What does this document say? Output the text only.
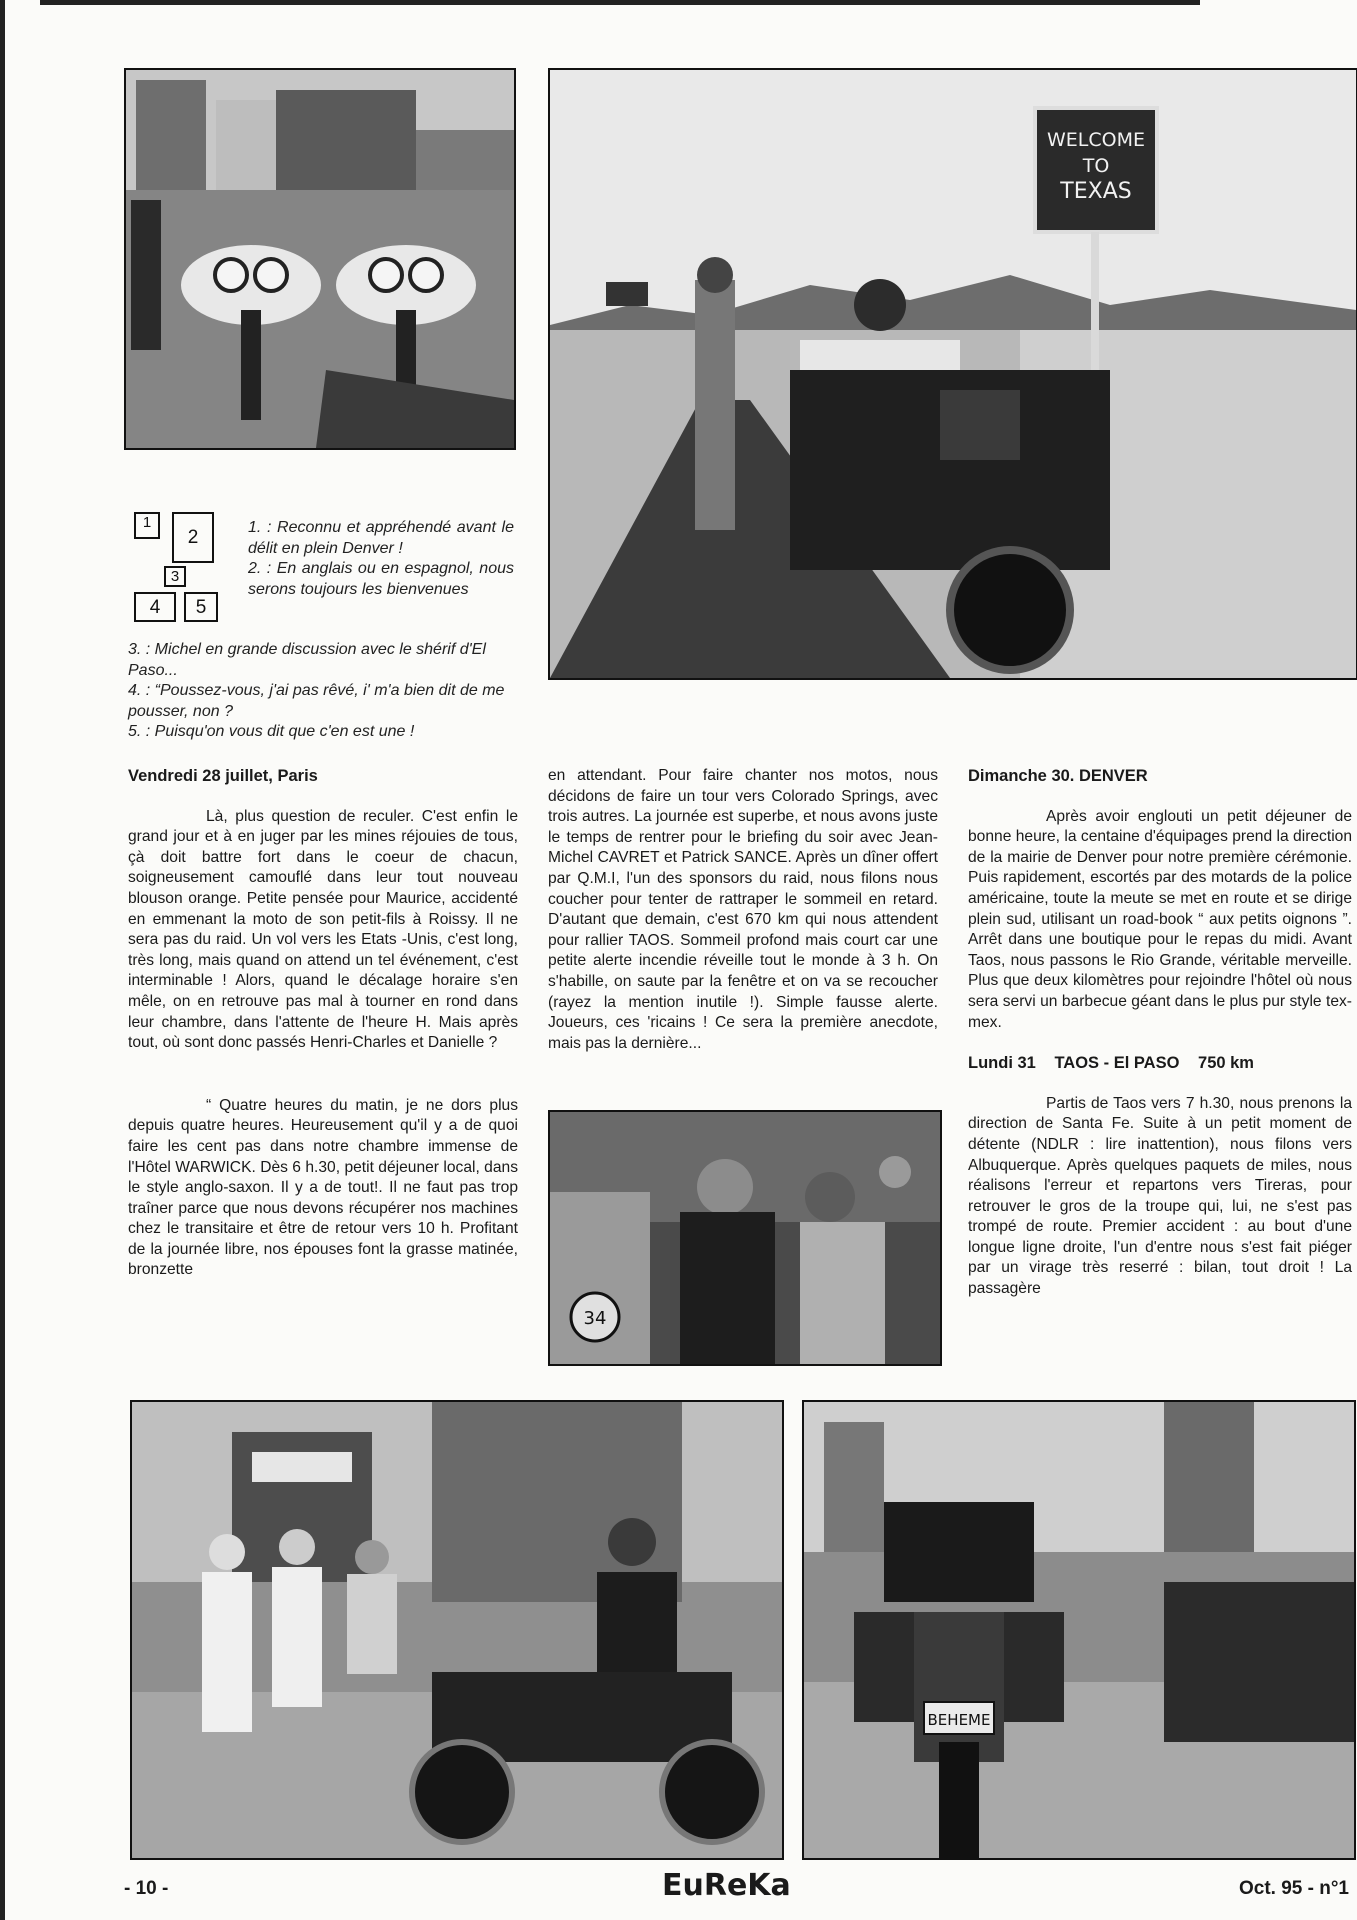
WELCOME
TO
TEXAS
1
2
3
4	5

1. : Reconnu et appréhendé avant le délit en plein Denver !

2. : En anglais ou en espagnol, nous serons toujours les bienvenues

3. : Michel en grande discussion avec le shérif d'El Paso...

4. : “Poussez-vous, j'ai pas rêvé, i' m'a bien dit de me pousser, non ?

5. : Puisqu'on vous dit que c'en est une !

Vendredi 28 juillet, Paris

Là, plus question de reculer. C'est enfin le grand jour et à en juger par les mines réjouies de tous, çà doit battre fort dans le coeur de chacun, soigneusement camouflé dans leur tout nouveau blouson orange. Petite pensée pour Maurice, accidenté en emmenant la moto de son petit-fils à Roissy. Il ne sera pas du raid. Un vol vers les Etats -Unis, c'est long, très long, mais quand on attend un tel événement, c'est interminable ! Alors, quand le décalage horaire s'en mêle, on en retrouve pas mal à tourner en rond dans leur chambre, dans l'attente de l'heure H. Mais après tout, où sont donc passés Henri-Charles et Danielle ?

“ Quatre heures du matin, je ne dors plus depuis quatre heures. Heureusement qu'il y a de quoi faire les cent pas dans notre chambre immense de l'Hôtel WARWICK. Dès 6 h.30, petit déjeuner local, dans le style anglo-saxon. Il y a de tout!. Il ne faut pas trop traîner parce que nous devons récupérer nos machines chez le transitaire et être de retour vers 10 h. Profitant de la journée libre, nos épouses font la grasse matinée, bronzette

en attendant. Pour faire chanter nos motos, nous décidons de faire un tour vers Colorado Springs, avec trois autres. La journée est superbe, et nous avons juste le temps de rentrer pour le briefing du soir avec Jean-Michel CAVRET et Patrick SANCE. Après un dîner offert par Q.M.I, l'un des sponsors du raid, nous filons nous coucher pour tenter de rattraper le sommeil en retard. D'autant que demain, c'est 670 km qui nous attendent pour rallier TAOS. Sommeil profond mais court car une petite alerte incendie réveille tout le monde à 3 h. On s'habille, on saute par la fenêtre et on va se recoucher (rayez la mention inutile !). Simple fausse alerte. Joueurs, ces 'ricains ! Ce sera la première anecdote, mais pas la dernière...

34

Dimanche 30. DENVER

Après avoir englouti un petit déjeuner de bonne heure, la centaine d'équipages prend la direction de la mairie de Denver pour notre première cérémonie. Puis rapidement, escortés par des motards de la police américaine, toute la meute se met en route et se dirige plein sud, utilisant un road-book “ aux petits oignons ”. Arrêt dans une boutique pour le repas du midi. Avant Taos, nous passons le Rio Grande, véritable merveille. Plus que deux kilomètres pour rejoindre l'hôtel où nous sera servi un barbecue géant dans le plus pur style tex-mex.

Lundi 31 TAOS - El PASO 750 km

Partis de Taos vers 7 h.30, nous prenons la direction de Santa Fe. Suite à un petit moment de détente (NDLR : lire inattention), nous filons vers Albuquerque. Après quelques paquets de miles, nous réalisons l'erreur et repartons vers Tireras, pour retrouver le gros de la troupe qui, lui, ne s'est pas trompé de route. Premier accident : au bout d'une longue ligne droite, l'un d'entre nous s'est fait piéger par un virage très reserré : bilan, tout droit ! La passagère

BEHEME
- 10 -	EuReKa	Oct. 95 - n°1
